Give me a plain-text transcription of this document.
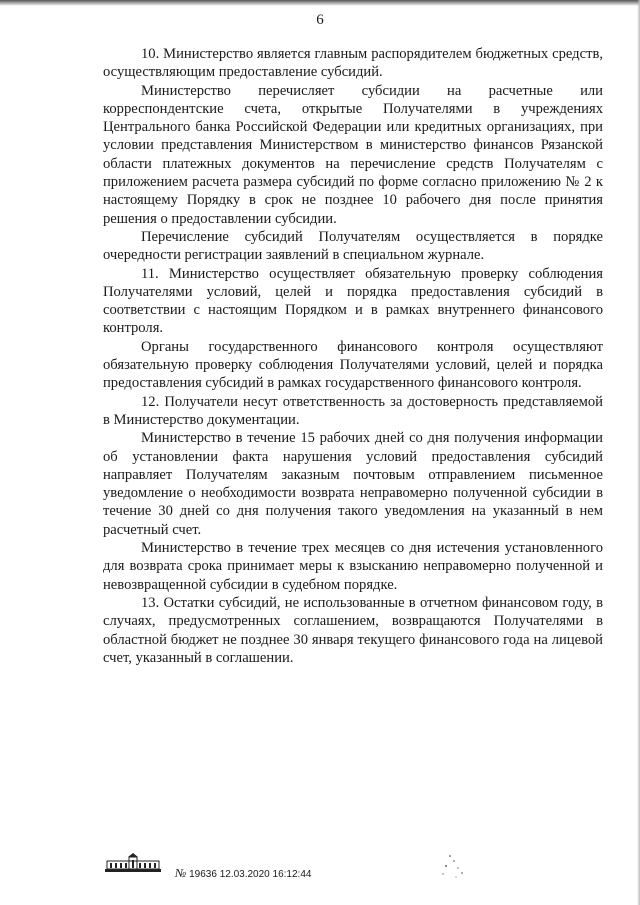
6

10. Министерство является главным распорядителем бюджетных средств, осуществляющим предоставление субсидий.

Министерство перечисляет субсидии на расчетные или корреспондентские счета, открытые Получателями в учреждениях Центрального банка Российской Федерации или кредитных организациях, при условии представления Министерством в министерство финансов Рязанской области платежных документов на перечисление средств Получателям с приложением расчета размера субсидий по форме согласно приложению № 2 к настоящему Порядку в срок не позднее 10 рабочего дня после принятия решения о предоставлении субсидии.

Перечисление субсидий Получателям осуществляется в порядке очередности регистрации заявлений в специальном журнале.

11. Министерство осуществляет обязательную проверку соблюдения Получателями условий, целей и порядка предоставления субсидий в соответствии с настоящим Порядком и в рамках внутреннего финансового контроля.

Органы государственного финансового контроля осуществляют обязательную проверку соблюдения Получателями условий, целей и порядка предоставления субсидий в рамках государственного финансового контроля.

12. Получатели несут ответственность за достоверность представляемой в Министерство документации.

Министерство в течение 15 рабочих дней со дня получения информации об установлении факта нарушения условий предоставления субсидий направляет Получателям заказным почтовым отправлением письменное уведомление о необходимости возврата неправомерно полученной субсидии в течение 30 дней со дня получения такого уведомления на указанный в нем расчетный счет.

Министерство в течение трех месяцев со дня истечения установленного для возврата срока принимает меры к взысканию неправомерно полученной и невозвращенной субсидии в судебном порядке.

13. Остатки субсидий, не использованные в отчетном финансовом году, в случаях, предусмотренных соглашением, возвращаются Получателями в областной бюджет не позднее 30 января текущего финансового года на лицевой счет, указанный в соглашении.

№ 19636 12.03.2020 16:12:44
